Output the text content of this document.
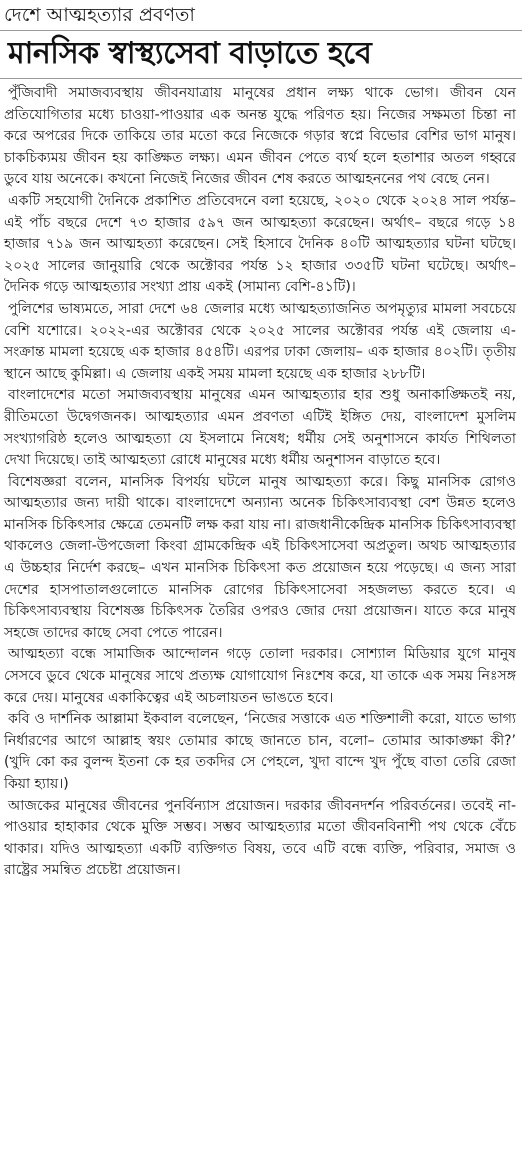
দেশে আত্মহত্যার প্রবণতা
মানসিক স্বাস্থ্যসেবা বাড়াতে হবে

পুঁজিবাদী সমাজব্যবস্থায় জীবনযাত্রায় মানুষের প্রধান লক্ষ্য থাকে ভোগ। জীবন যেন প্রতিযোগিতার মধ্যে চাওয়া-পাওয়ার এক অনন্ত যুদ্ধে পরিণত হয়। নিজের সক্ষমতা চিন্তা না করে অপরের দিকে তাকিয়ে তার মতো করে নিজেকে গড়ার স্বপ্নে বিভোর বেশির ভাগ মানুষ। চাকচিক্যময় জীবন হয় কাঙ্ক্ষিত লক্ষ্য। এমন জীবন পেতে ব্যর্থ হলে হতাশার অতল গহ্বরে ডুবে যায় অনেকে। কখনো নিজেই নিজের জীবন শেষ করতে আত্মহননের পথ বেছে নেন।

একটি সহযোগী দৈনিকে প্রকাশিত প্রতিবেদনে বলা হয়েছে, ২০২০ থেকে ২০২৪ সাল পর্যন্ত– এই পাঁচ বছরে দেশে ৭৩ হাজার ৫৯৭ জন আত্মহত্যা করেছেন। অর্থাৎ– বছরে গড়ে ১৪ হাজার ৭১৯ জন আত্মহত্যা করেছেন। সেই হিসাবে দৈনিক ৪০টি আত্মহত্যার ঘটনা ঘটছে। ২০২৫ সালের জানুয়ারি থেকে অক্টোবর পর্যন্ত ১২ হাজার ৩৩৫টি ঘটনা ঘটেছে। অর্থাৎ– দৈনিক গড়ে আত্মহত্যার সংখ্যা প্রায় একই (সামান্য বেশি-৪১টি)।

পুলিশের ভাষ্যমতে, সারা দেশে ৬৪ জেলার মধ্যে আত্মহত্যাজনিত অপমৃত্যুর মামলা সবচেয়ে বেশি যশোরে। ২০২২-এর অক্টোবর থেকে ২০২৫ সালের অক্টোবর পর্যন্ত এই জেলায় এ-সংক্রান্ত মামলা হয়েছে এক হাজার ৪৫৪টি। এরপর ঢাকা জেলায়– এক হাজার ৪০২টি। তৃতীয় স্থানে আছে কুমিল্লা। এ জেলায় একই সময় মামলা হয়েছে এক হাজার ২৮৮টি।

বাংলাদেশের মতো সমাজব্যবস্থায় মানুষের এমন আত্মহত্যার হার শুধু অনাকাঙ্ক্ষিতই নয়, রীতিমতো উদ্বেগজনক। আত্মহত্যার এমন প্রবণতা এটিই ইঙ্গিত দেয়, বাংলাদেশ মুসলিম সংখ্যাগরিষ্ঠ হলেও আত্মহত্যা যে ইসলামে নিষেধ; ধর্মীয় সেই অনুশাসনে কার্যত শিথিলতা দেখা দিয়েছে। তাই আত্মহত্যা রোধে মানুষের মধ্যে ধর্মীয় অনুশাসন বাড়াতে হবে।

বিশেষজ্ঞরা বলেন, মানসিক বিপর্যয় ঘটলে মানুষ আত্মহত্যা করে। কিছু মানসিক রোগও আত্মহত্যার জন্য দায়ী থাকে। বাংলাদেশে অন্যান্য অনেক চিকিৎসাব্যবস্থা বেশ উন্নত হলেও মানসিক চিকিৎসার ক্ষেত্রে তেমনটি লক্ষ করা যায় না। রাজধানীকেন্দ্রিক মানসিক চিকিৎসাব্যবস্থা থাকলেও জেলা-উপজেলা কিংবা গ্রামকেন্দ্রিক এই চিকিৎসাসেবা অপ্রতুল। অথচ আত্মহত্যার এ উচ্চহার নির্দেশ করছে– এখন মানসিক চিকিৎসা কত প্রয়োজন হয়ে পড়েছে। এ জন্য সারা দেশের হাসপাতালগুলোতে মানসিক রোগের চিকিৎসাসেবা সহজলভ্য করতে হবে। এ চিকিৎসাব্যবস্থায় বিশেষজ্ঞ চিকিৎসক তৈরির ওপরও জোর দেয়া প্রয়োজন। যাতে করে মানুষ সহজে তাদের কাছে সেবা পেতে পারেন।

আত্মহত্যা বন্ধে সামাজিক আন্দোলন গড়ে তোলা দরকার। সোশ্যাল মিডিয়ার যুগে মানুষ সেসবে ডুবে থেকে মানুষের সাথে প্রত্যক্ষ যোগাযোগ নিঃশেষ করে, যা তাকে এক সময় নিঃসঙ্গ করে দেয়। মানুষের একাকিত্বের এই অচলায়তন ভাঙতে হবে।

কবি ও দার্শনিক আল্লামা ইকবাল বলেছেন, ‘নিজের সত্তাকে এত শক্তিশালী করো, যাতে ভাগ্য নির্ধারণের আগে আল্লাহ স্বয়ং তোমার কাছে জানতে চান, বলো– তোমার আকাঙ্ক্ষা কী?’ (খুদি কো কর বুলন্দ ইতনা কে হর তকদির সে পেহলে, খুদা বান্দে খুদ পুঁছে বাতা তেরি রেজা কিয়া হ্যায়।)

আজকের মানুষের জীবনের পুনর্বিন্যাস প্রয়োজন। দরকার জীবনদর্শন পরিবর্তনের। তবেই না-পাওয়ার হাহাকার থেকে মুক্তি সম্ভব। সম্ভব আত্মহত্যার মতো জীবনবিনাশী পথ থেকে বেঁচে থাকার। যদিও আত্মহত্যা একটি ব্যক্তিগত বিষয়, তবে এটি বন্ধে ব্যক্তি, পরিবার, সমাজ ও রাষ্ট্রের সমন্বিত প্রচেষ্টা প্রয়োজন।
